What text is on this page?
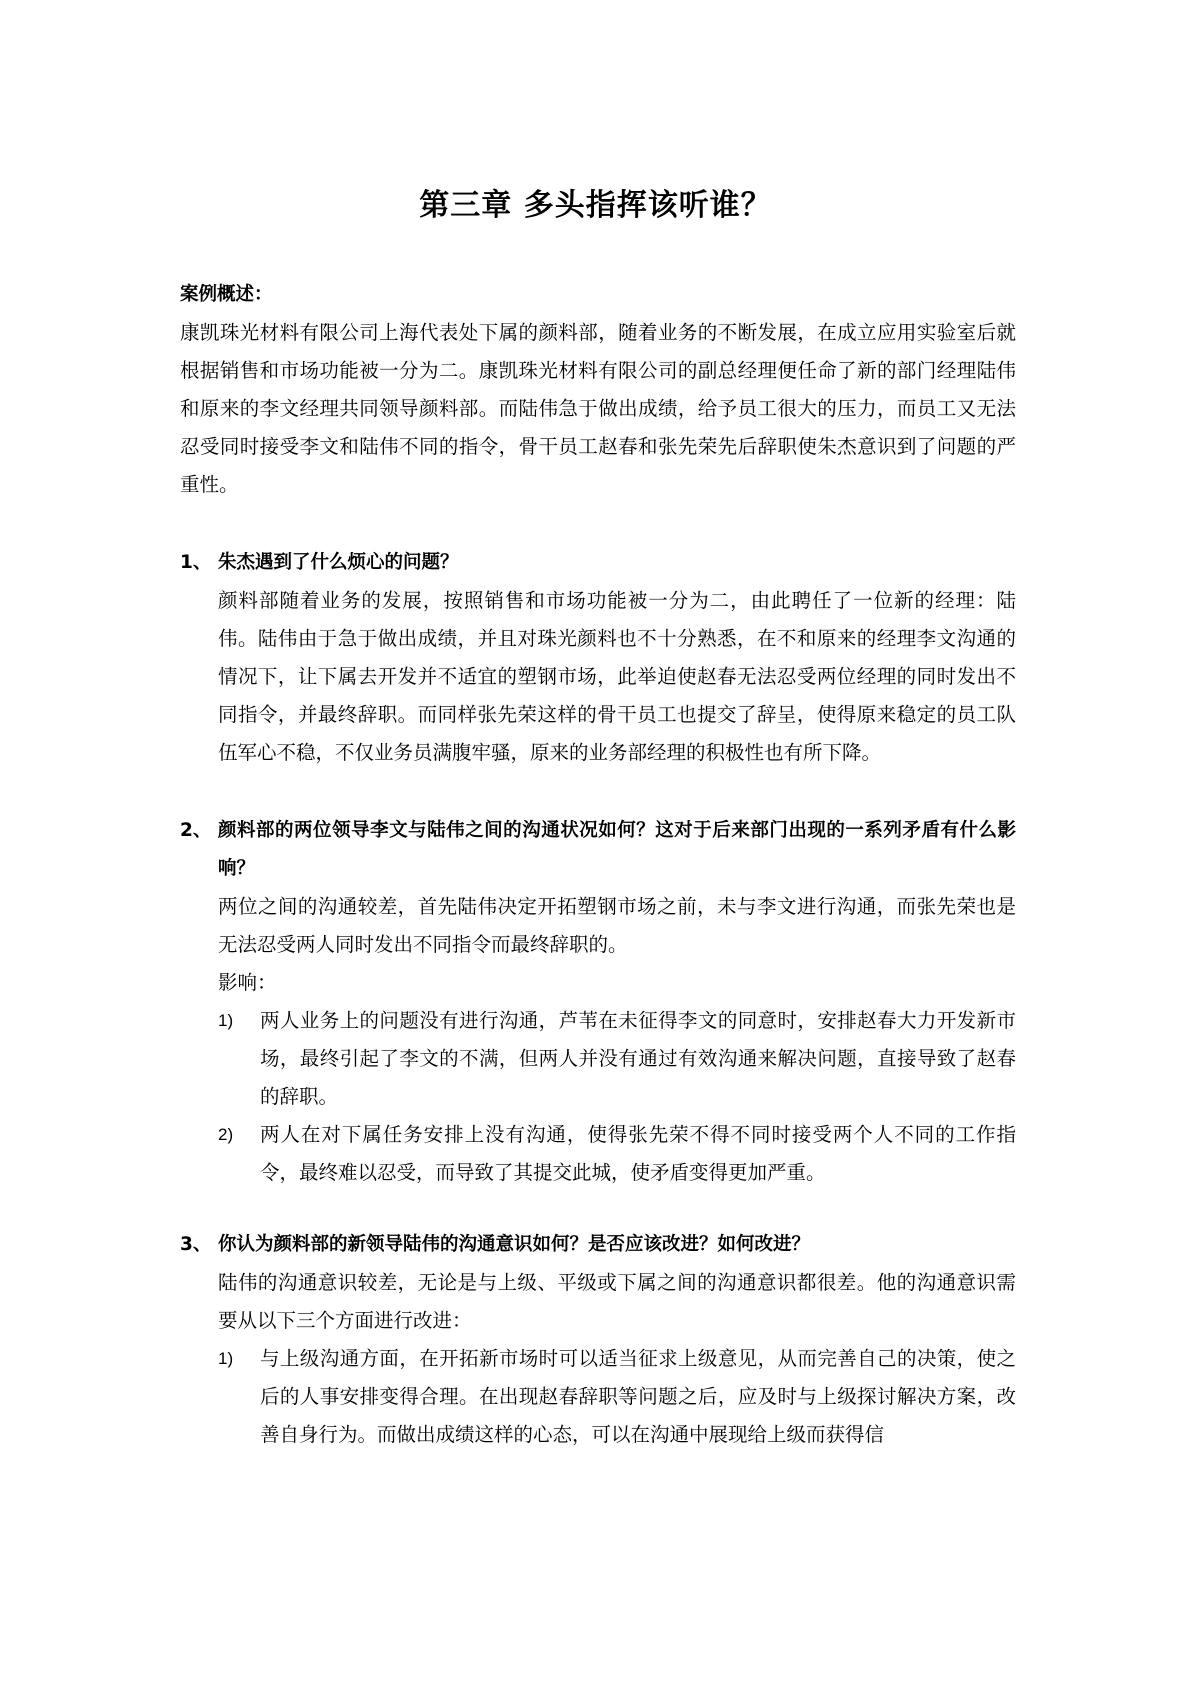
第三章 多头指挥该听谁？
案例概述：

康凯珠光材料有限公司上海代表处下属的颜料部，随着业务的不断发展，在成立应用实验室后就根据销售和市场功能被一分为二。康凯珠光材料有限公司的副总经理便任命了新的部门经理陆伟和原来的李文经理共同领导颜料部。而陆伟急于做出成绩，给予员工很大的压力，而员工又无法忍受同时接受李文和陆伟不同的指令，骨干员工赵春和张先荣先后辞职使朱杰意识到了问题的严重性。

1、 朱杰遇到了什么烦心的问题？

颜料部随着业务的发展，按照销售和市场功能被一分为二，由此聘任了一位新的经理：陆伟。陆伟由于急于做出成绩，并且对珠光颜料也不十分熟悉，在不和原来的经理李文沟通的情况下，让下属去开发并不适宜的塑钢市场，此举迫使赵春无法忍受两位经理的同时发出不同指令，并最终辞职。而同样张先荣这样的骨干员工也提交了辞呈，使得原来稳定的员工队伍军心不稳，不仅业务员满腹牢骚，原来的业务部经理的积极性也有所下降。

2、 颜料部的两位领导李文与陆伟之间的沟通状况如何？这对于后来部门出现的一系列矛盾有什么影响？

两位之间的沟通较差，首先陆伟决定开拓塑钢市场之前，未与李文进行沟通，而张先荣也是无法忍受两人同时发出不同指令而最终辞职的。

影响：
1)	两人业务上的问题没有进行沟通，芦苇在未征得李文的同意时，安排赵春大力开发新市场，最终引起了李文的不满，但两人并没有通过有效沟通来解决问题，直接导致了赵春的辞职。
2)	两人在对下属任务安排上没有沟通，使得张先荣不得不同时接受两个人不同的工作指令，最终难以忍受，而导致了其提交此城，使矛盾变得更加严重。
3、 你认为颜料部的新领导陆伟的沟通意识如何？是否应该改进？如何改进？

陆伟的沟通意识较差，无论是与上级、平级或下属之间的沟通意识都很差。他的沟通意识需要从以下三个方面进行改进：

1)	与上级沟通方面，在开拓新市场时可以适当征求上级意见，从而完善自己的决策，使之后的人事安排变得合理。在出现赵春辞职等问题之后，应及时与上级探讨解决方案，改善自身行为。而做出成绩这样的心态，可以在沟通中展现给上级而获得信
